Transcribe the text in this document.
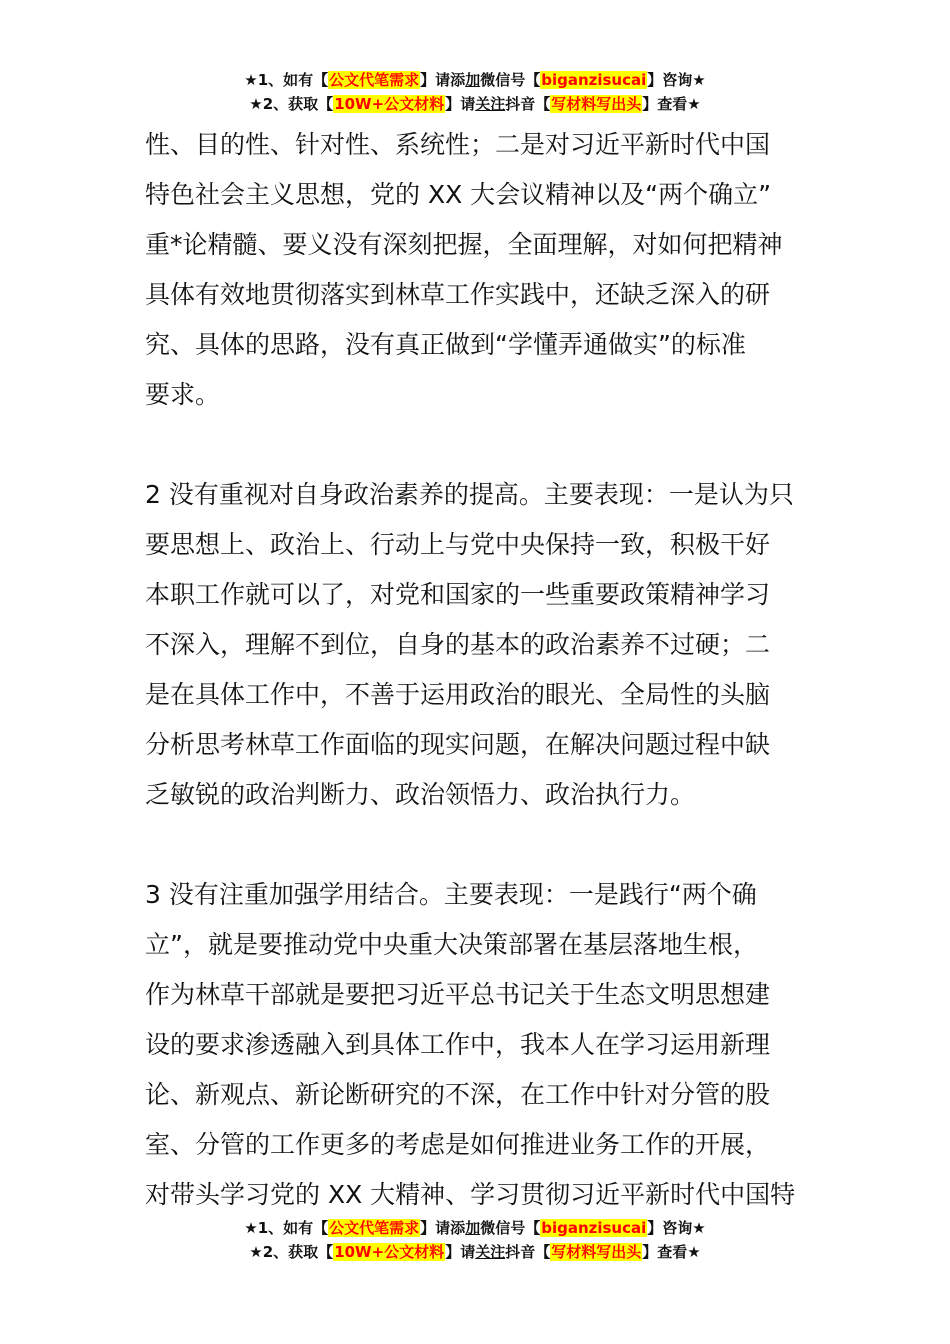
★1、如有【公文代笔需求】请添加微信号【biganzisucai】咨询★
★2、获取【10W+公文材料】请关注抖音【写材料写出头】查看★

性、目的性、针对性、系统性；二是对习近平新时代中国

特色社会主义思想，党的 XX 大会议精神以及“两个确立”

重*论精髓、要义没有深刻把握，全面理解，对如何把精神

具体有效地贯彻落实到林草工作实践中，还缺乏深入的研

究、具体的思路，没有真正做到“学懂弄通做实”的标准

要求。

2 没有重视对自身政治素养的提高。主要表现：一是认为只

要思想上、政治上、行动上与党中央保持一致，积极干好

本职工作就可以了，对党和国家的一些重要政策精神学习

不深入，理解不到位，自身的基本的政治素养不过硬；二

是在具体工作中，不善于运用政治的眼光、全局性的头脑

分析思考林草工作面临的现实问题，在解决问题过程中缺

乏敏锐的政治判断力、政治领悟力、政治执行力。

3 没有注重加强学用结合。主要表现：一是践行“两个确

立”，就是要推动党中央重大决策部署在基层落地生根，

作为林草干部就是要把习近平总书记关于生态文明思想建

设的要求渗透融入到具体工作中，我本人在学习运用新理

论、新观点、新论断研究的不深，在工作中针对分管的股

室、分管的工作更多的考虑是如何推进业务工作的开展，

对带头学习党的 XX 大精神、学习贯彻习近平新时代中国特

★1、如有【公文代笔需求】请添加微信号【biganzisucai】咨询★
★2、获取【10W+公文材料】请关注抖音【写材料写出头】查看★
